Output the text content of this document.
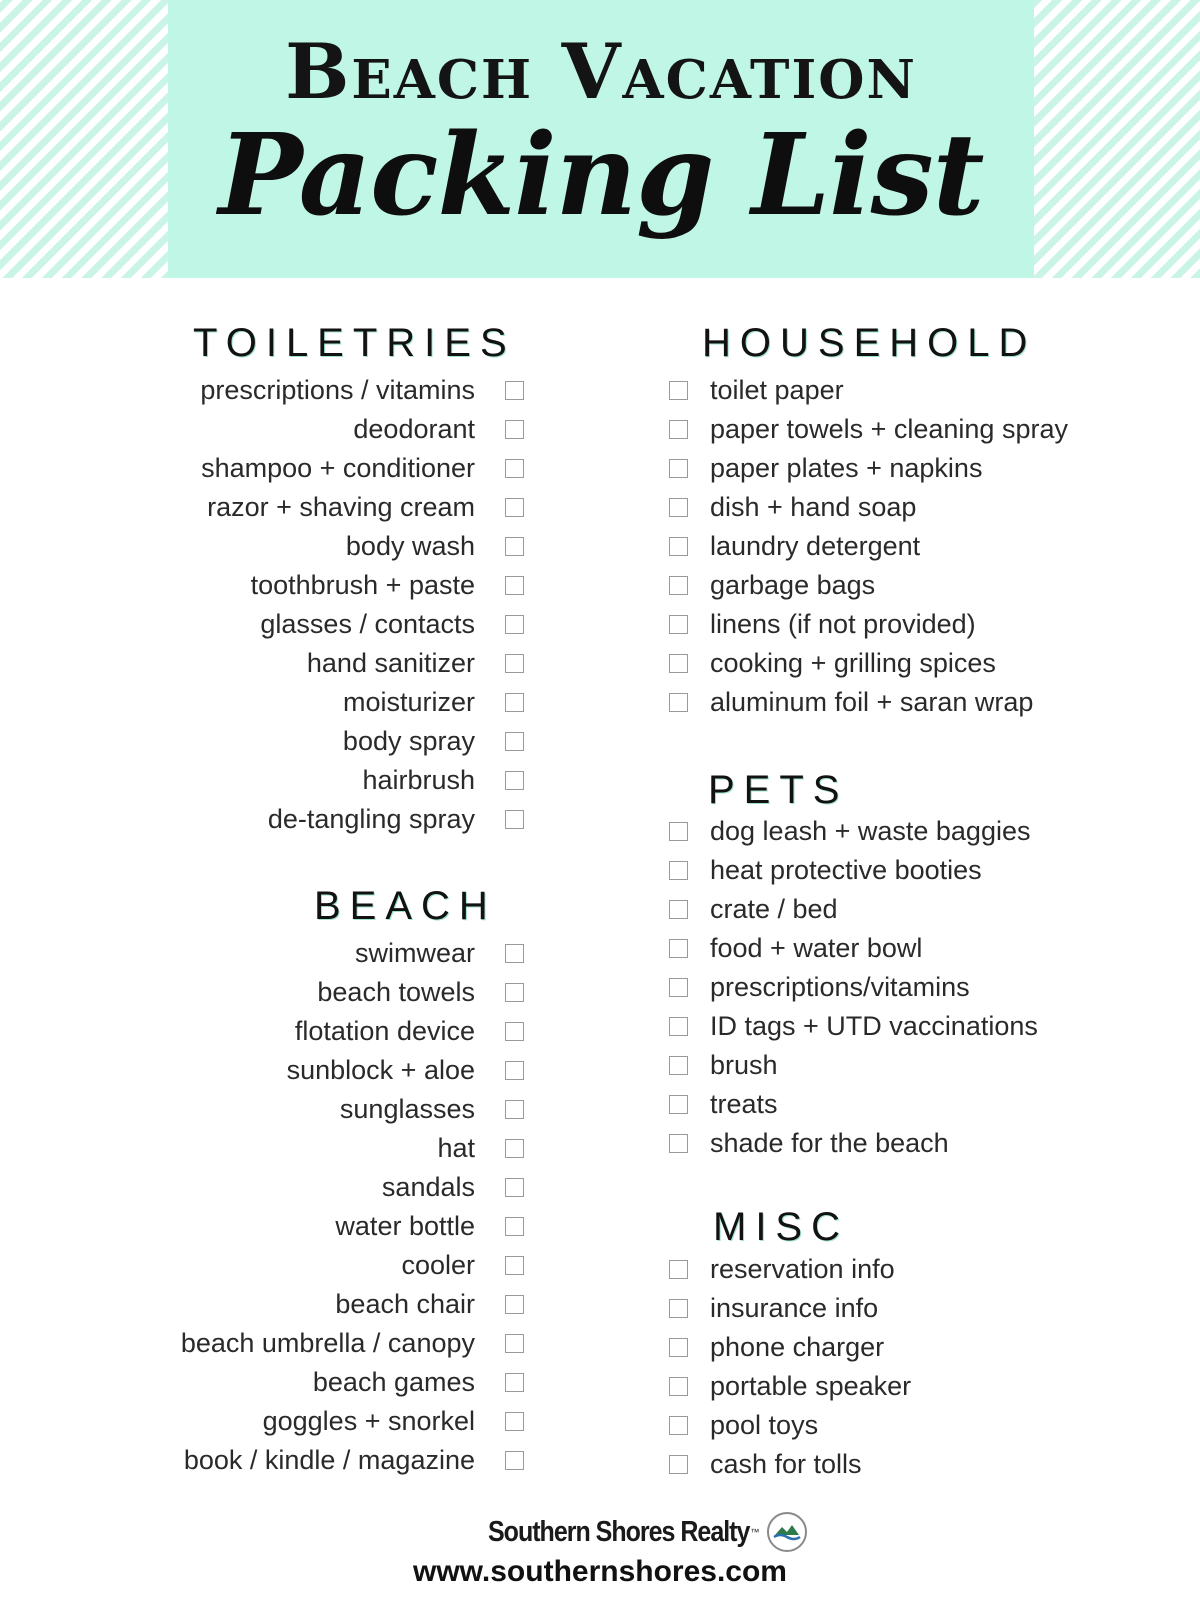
Beach Vacation
Packing List
TOILETRIES
prescriptions / vitamins
deodorant
shampoo + conditioner
razor + shaving cream
body wash
toothbrush + paste
glasses / contacts
hand sanitizer
moisturizer
body spray
hairbrush
de-tangling spray
BEACH
swimwear
beach towels
flotation device
sunblock + aloe
sunglasses
hat
sandals
water bottle
cooler
beach chair
beach umbrella / canopy
beach games
goggles + snorkel
book / kindle / magazine
HOUSEHOLD
toilet paper
paper towels + cleaning spray
paper plates + napkins
dish + hand soap
laundry detergent
garbage bags
linens (if not provided)
cooking + grilling spices
aluminum foil + saran wrap
PETS
dog leash + waste baggies
heat protective booties
crate / bed
food + water bowl
prescriptions/vitamins
ID tags + UTD vaccinations
brush
treats
shade for the beach
MISC
reservation info
insurance info
phone charger
portable speaker
pool toys
cash for tolls
Southern Shores Realty ™
www.southernshores.com
